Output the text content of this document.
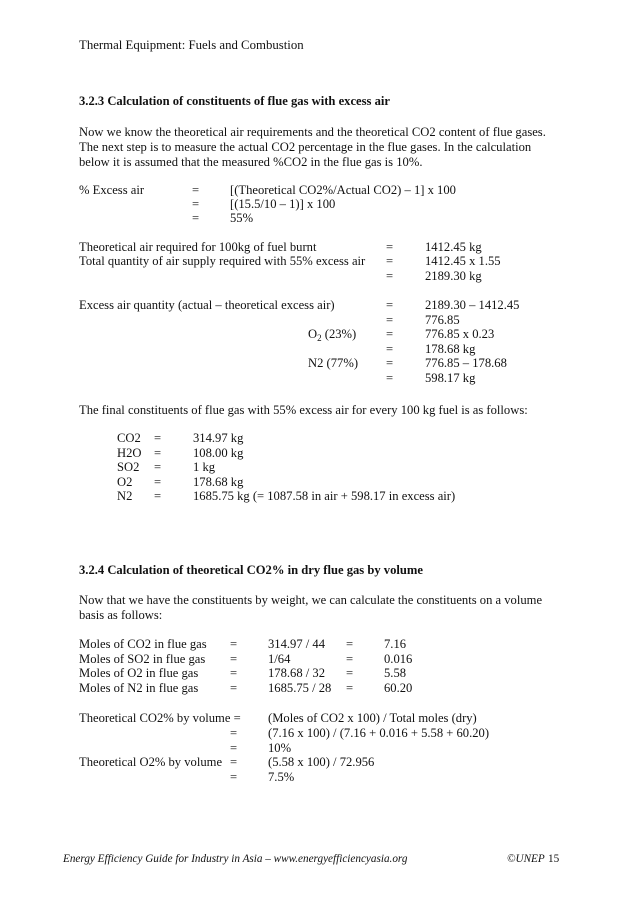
Thermal Equipment: Fuels and Combustion
3.2.3 Calculation of constituents of flue gas with excess air
Now we know the theoretical air requirements and the theoretical CO2 content of flue gases.
The next step is to measure the actual CO2 percentage in the flue gases. In the calculation
below it is assumed that the measured %CO2 in the flue gas is 10%.
% Excess air	= [(Theoretical CO2%/Actual CO2) – 1] x 100
= [(15.5/10 – 1)] x 100
= 55%
Theoretical air required for 100kg of fuel burnt	=	1412.45 kg
Total quantity of air supply required with 55% excess air =	1412.45 x 1.55
=	2189.30 kg
Excess air quantity (actual – theoretical excess air)	=	2189.30 – 1412.45
=	776.85
$O_2$ (23%) =	776.85 x 0.23
=	178.68 kg
N2 (77%) =	776.85 – 178.68
=	598.17 kg
The final constituents of flue gas with 55% excess air for every 100 kg fuel is as follows:
CO2 =	314.97 kg
H2O =	108.00 kg
SO2 =	1 kg
O2 =	178.68 kg
N2 =	1685.75 kg (= 1087.58 in air + 598.17 in excess air)
3.2.4 Calculation of theoretical CO2% in dry flue gas by volume
Now that we have the constituents by weight, we can calculate the constituents on a volume
basis as follows:
Moles of CO2 in flue gas = 314.97 / 44 = 7.16
Moles of SO2 in flue gas = 1/64	= 0.016
Moles of O2 in flue gas	= 178.68 / 32 = 5.58
Moles of N2 in flue gas	= 1685.75 / 28 = 60.20
Theoretical CO2% by volume = (Moles of CO2 x 100) / Total moles (dry)
= (7.16 x 100) / (7.16 + 0.016 + 5.58 + 60.20)
= 10%
Theoretical O2% by volume = (5.58 x 100) / 72.956
= 7.5%
Energy Efficiency Guide for Industry in Asia – www.energyefficiencyasia.org	©UNEP 15
